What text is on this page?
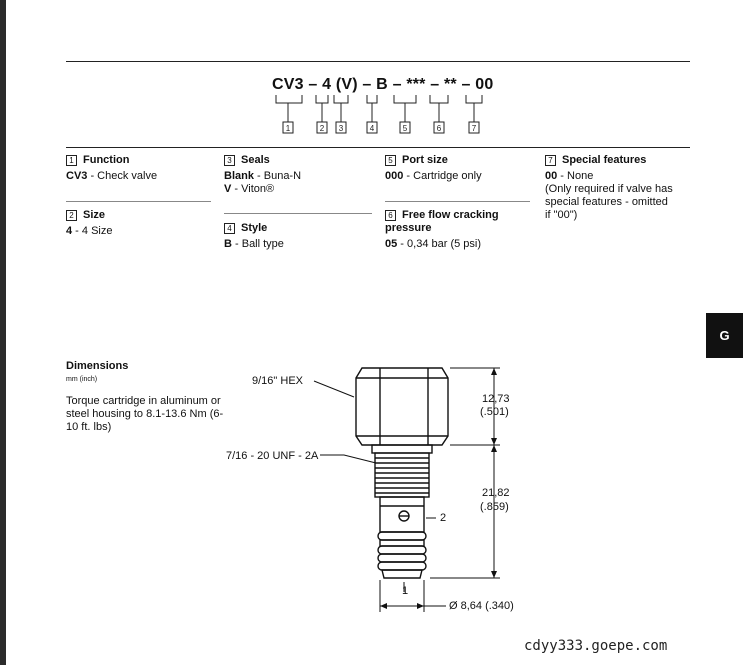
CV3 – 4 (V) – B – *** – ** – 00
1	2 3	4	5	6	7
1 Function
CV3 - Check valve
2 Size
4 - 4 Size
3 Seals
Blank - Buna-N
V - Viton®
4 Style
B - Ball type
5 Port size
000 - Cartridge only
6 Free flow cracking
pressure
05 - 0,34 bar (5 psi)
7 Special features
00 - None
(Only required if valve has
special features - omitted
if "00")
G
Dimensions
mm (inch)
Torque cartridge in aluminum or steel housing to 8.1-13.6 Nm (6-10 ft. lbs)
9/16" HEX
7/16 - 20 UNF - 2A
12,73
(.501)
21,82
(.859)
2
1
Ø 8,64 (.340)
cdyy333.goepe.com
